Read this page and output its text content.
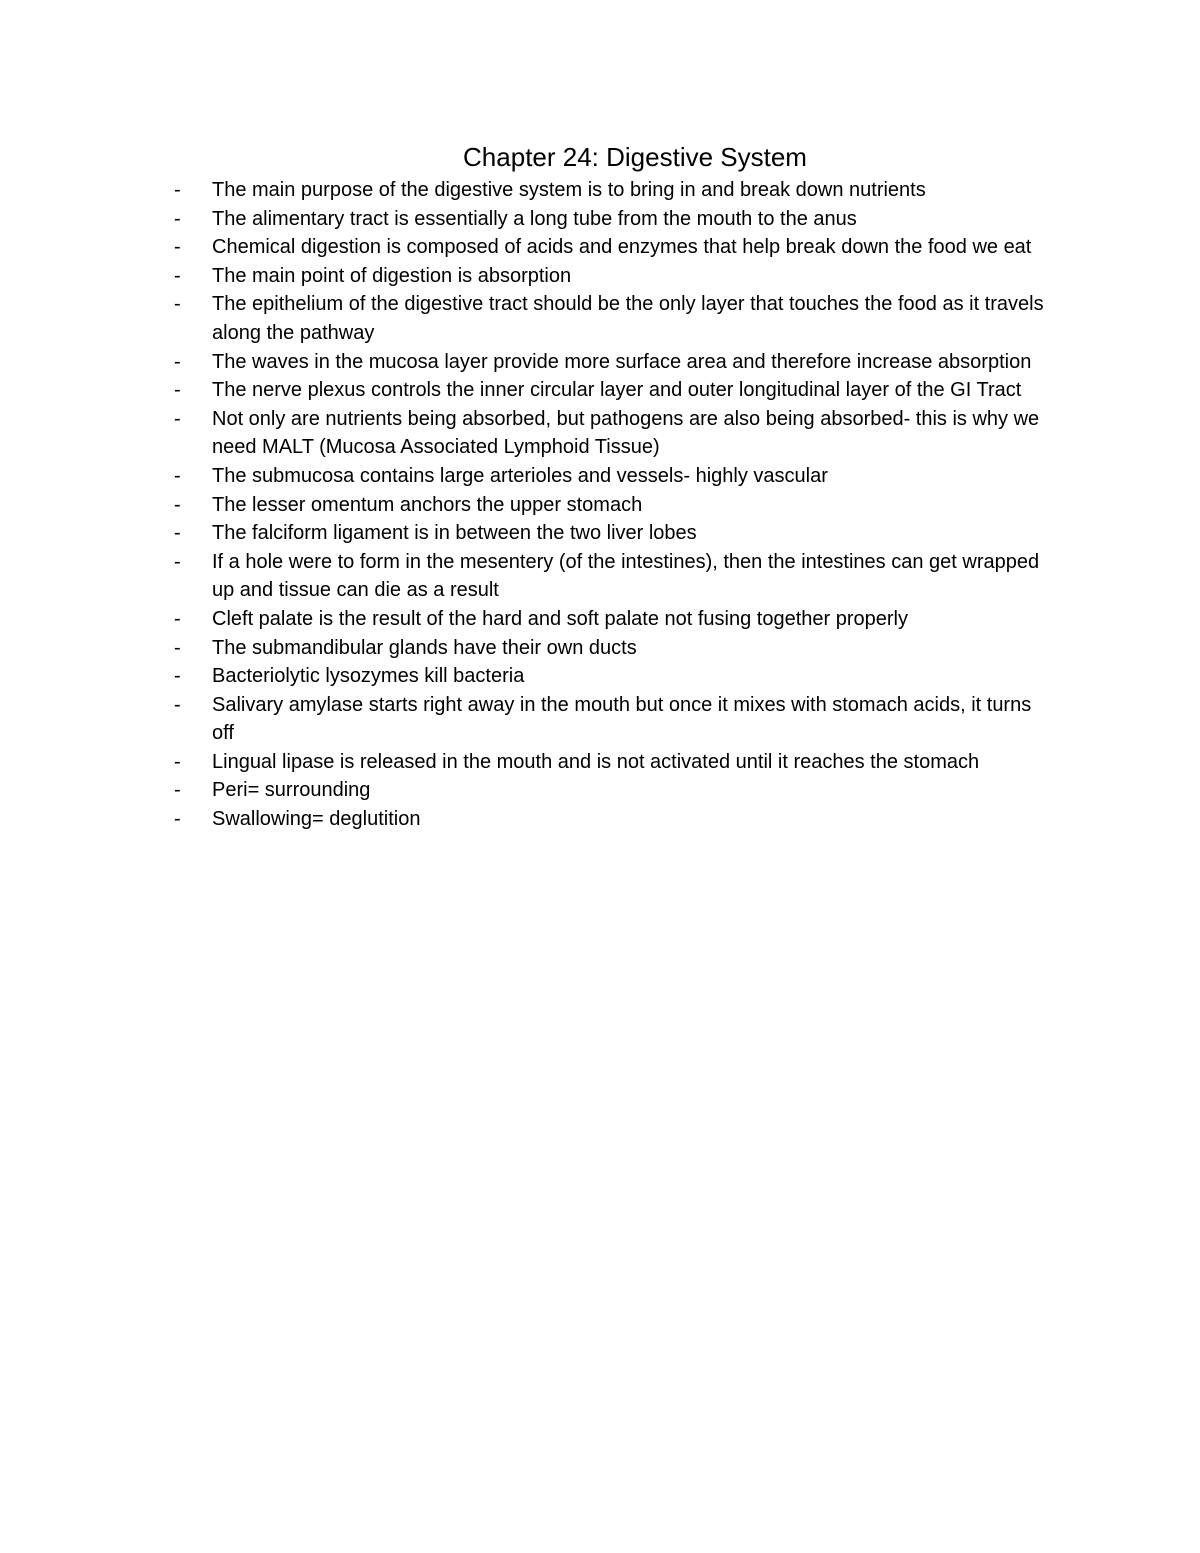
Chapter 24: Digestive System
-	The main purpose of the digestive system is to bring in and break down nutrients
-	The alimentary tract is essentially a long tube from the mouth to the anus
-	Chemical digestion is composed of acids and enzymes that help break down the food we eat
-	The main point of digestion is absorption
-	The epithelium of the digestive tract should be the only layer that touches the food as it travels along the pathway
-	The waves in the mucosa layer provide more surface area and therefore increase absorption
-	The nerve plexus controls the inner circular layer and outer longitudinal layer of the GI Tract
-	Not only are nutrients being absorbed, but pathogens are also being absorbed- this is why we need MALT (Mucosa Associated Lymphoid Tissue)
-	The submucosa contains large arterioles and vessels- highly vascular
-	The lesser omentum anchors the upper stomach
-	The falciform ligament is in between the two liver lobes
-	If a hole were to form in the mesentery (of the intestines), then the intestines can get wrapped up and tissue can die as a result
-	Cleft palate is the result of the hard and soft palate not fusing together properly
-	The submandibular glands have their own ducts
-	Bacteriolytic lysozymes kill bacteria
-	Salivary amylase starts right away in the mouth but once it mixes with stomach acids, it turns off
-	Lingual lipase is released in the mouth and is not activated until it reaches the stomach
-	Peri= surrounding
-	Swallowing= deglutition
